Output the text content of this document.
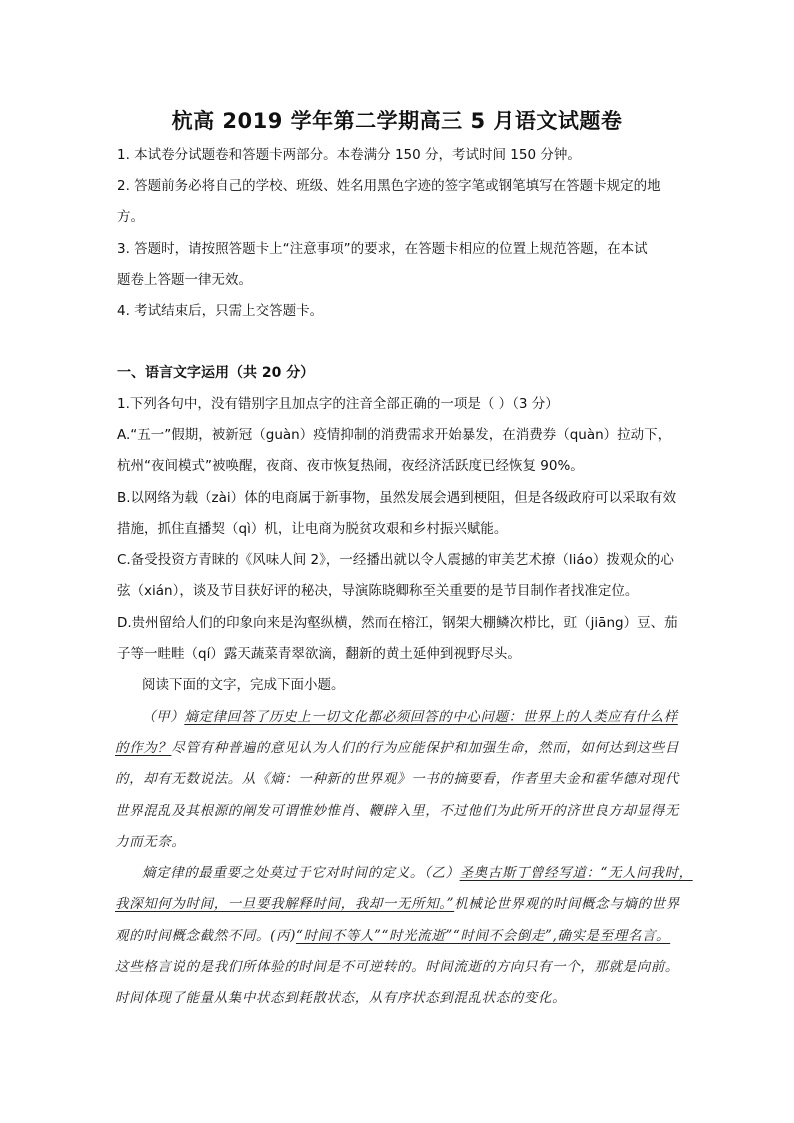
杭高 2019 学年第二学期高三 5 月语文试题卷
1. 本试卷分试题卷和答题卡两部分。本卷满分 150 分，考试时间 150 分钟。
2. 答题前务必将自己的学校、班级、姓名用黑色字迹的签字笔或钢笔填写在答题卡规定的地
方。
3. 答题时，请按照答题卡上“注意事项”的要求，在答题卡相应的位置上规范答题，在本试
题卷上答题一律无效。
4. 考试结束后，只需上交答题卡。
一、语言文字运用（共 20 分）
1.下列各句中，没有错别字且加点字的注音全部正确的一项是（ ）（3 分）
A.“五一”假期，被新冠（guàn）疫情抑制的消费需求开始暴发，在消费券（quàn）拉动下，
杭州“夜间模式”被唤醒，夜商、夜市恢复热闹，夜经济活跃度已经恢复 90%。
B.以网络为载（zài）体的电商属于新事物，虽然发展会遇到梗阻，但是各级政府可以采取有效
措施，抓住直播契（qì）机，让电商为脱贫攻艰和乡村振兴赋能。
C.备受投资方青睐的《风味人间 2》，一经播出就以令人震撼的审美艺术撩（liáo）拨观众的心
弦（xián），谈及节目获好评的秘决，导演陈晓卿称至关重要的是节目制作者找准定位。
D.贵州留给人们的印象向来是沟壑纵横，然而在榕江，钢架大棚鳞次栉比，豇（jiāng）豆、茄
子等一畦畦（qí）露天蔬菜青翠欲滴，翻新的黄土延伸到视野尽头。
阅读下面的文字，完成下面小题。
（甲）熵定律回答了历史上一切文化都必须回答的中心问题：世界上的人类应有什么样
的作为？尽管有种普遍的意见认为人们的行为应能保护和加强生命，然而，如何达到这些目
的，却有无数说法。从《熵：一种新的世界观》一书的摘要看，作者里夫金和霍华德对现代
世界混乱及其根源的阐发可谓惟妙惟肖、鞭辟入里，不过他们为此所开的济世良方却显得无
力而无奈。
熵定律的最重要之处莫过于它对时间的定义。（乙）圣奥古斯丁曾经写道：“无人问我时，
我深知何为时间，一旦要我解释时间，我却一无所知。”机械论世界观的时间概念与熵的世界
观的时间概念截然不同。(丙)“时间不等人”“时光流逝”“时间不会倒走”,确实是至理名言。
这些格言说的是我们所体验的时间是不可逆转的。时间流逝的方向只有一个，那就是向前。
时间体现了能量从集中状态到耗散状态，从有序状态到混乱状态的变化。
